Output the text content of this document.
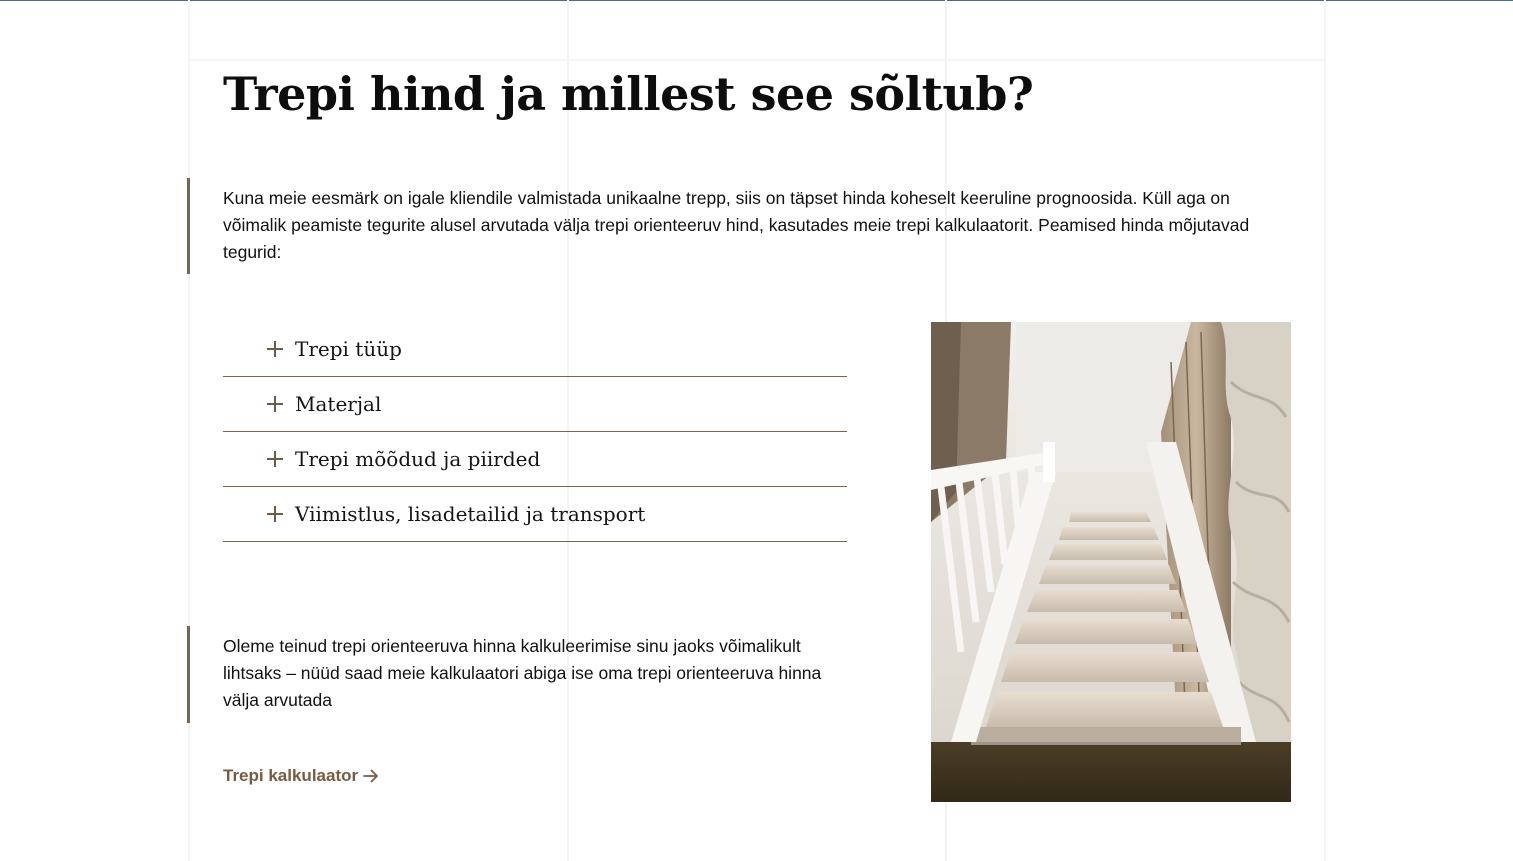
Trepi hind ja millest see sõltub?

Kuna meie eesmärk on igale kliendile valmistada unikaalne trepp, siis on täpset hinda koheselt keeruline prognoosida. Küll aga on võimalik peamiste tegurite alusel arvutada välja trepi orienteeruv hind, kasutades meie trepi kalkulaatorit. Peamised hinda mõjutavad tegurid:

Trepi tüüp
Materjal
Trepi mõõdud ja piirded
Viimistlus, lisadetailid ja transport

Oleme teinud trepi orienteeruva hinna kalkuleerimise sinu jaoks võimalikult lihtsaks – nüüd saad meie kalkulaatori abiga ise oma trepi orienteeruva hinna välja arvutada

Trepi kalkulaator
